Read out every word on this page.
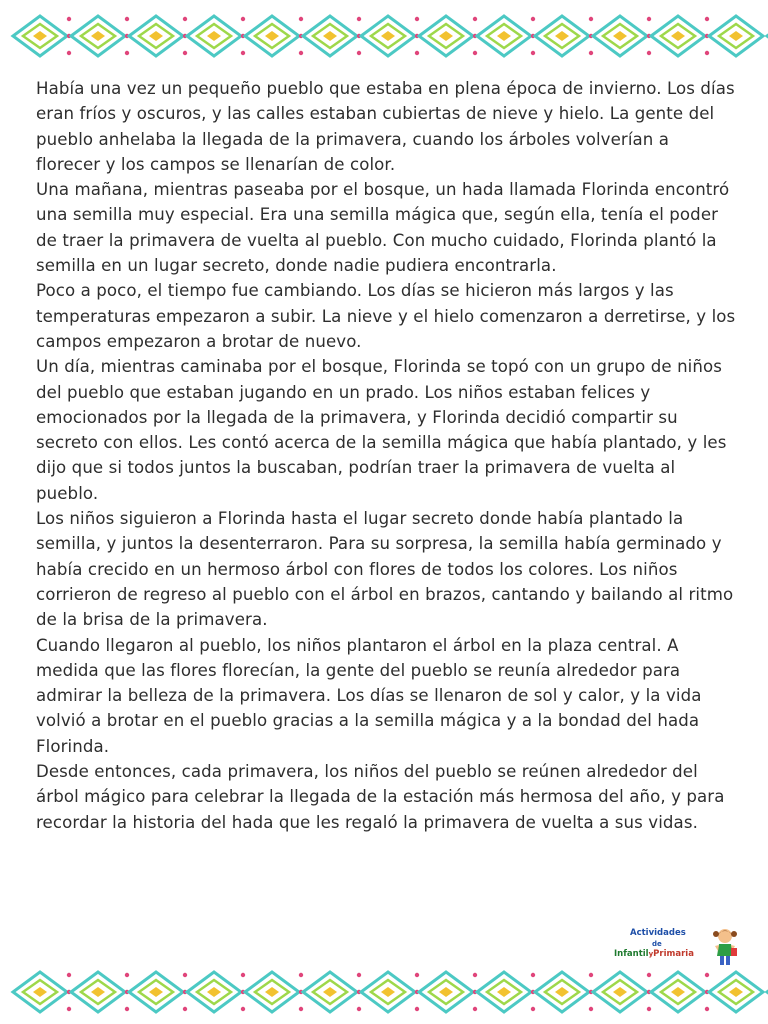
Había una vez un pequeño pueblo que estaba en plena época de invierno. Los días eran fríos y oscuros, y las calles estaban cubiertas de nieve y hielo. La gente del pueblo anhelaba la llegada de la primavera, cuando los árboles volverían a florecer y los campos se llenarían de color.

Una mañana, mientras paseaba por el bosque, un hada llamada Florinda encontró una semilla muy especial. Era una semilla mágica que, según ella, tenía el poder de traer la primavera de vuelta al pueblo. Con mucho cuidado, Florinda plantó la semilla en un lugar secreto, donde nadie pudiera encontrarla.

Poco a poco, el tiempo fue cambiando. Los días se hicieron más largos y las temperaturas empezaron a subir. La nieve y el hielo comenzaron a derretirse, y los campos empezaron a brotar de nuevo.

Un día, mientras caminaba por el bosque, Florinda se topó con un grupo de niños del pueblo que estaban jugando en un prado. Los niños estaban felices y emocionados por la llegada de la primavera, y Florinda decidió compartir su secreto con ellos. Les contó acerca de la semilla mágica que había plantado, y les dijo que si todos juntos la buscaban, podrían traer la primavera de vuelta al pueblo.

Los niños siguieron a Florinda hasta el lugar secreto donde había plantado la semilla, y juntos la desenterraron. Para su sorpresa, la semilla había germinado y había crecido en un hermoso árbol con flores de todos los colores. Los niños corrieron de regreso al pueblo con el árbol en brazos, cantando y bailando al ritmo de la brisa de la primavera.

Cuando llegaron al pueblo, los niños plantaron el árbol en la plaza central. A medida que las flores florecían, la gente del pueblo se reunía alrededor para admirar la belleza de la primavera. Los días se llenaron de sol y calor, y la vida volvió a brotar en el pueblo gracias a la semilla mágica y a la bondad del hada Florinda.

Desde entonces, cada primavera, los niños del pueblo se reúnen alrededor del árbol mágico para celebrar la llegada de la estación más hermosa del año, y para recordar la historia del hada que les regaló la primavera de vuelta a sus vidas.

Actividades
de
InfantilyPrimaria
